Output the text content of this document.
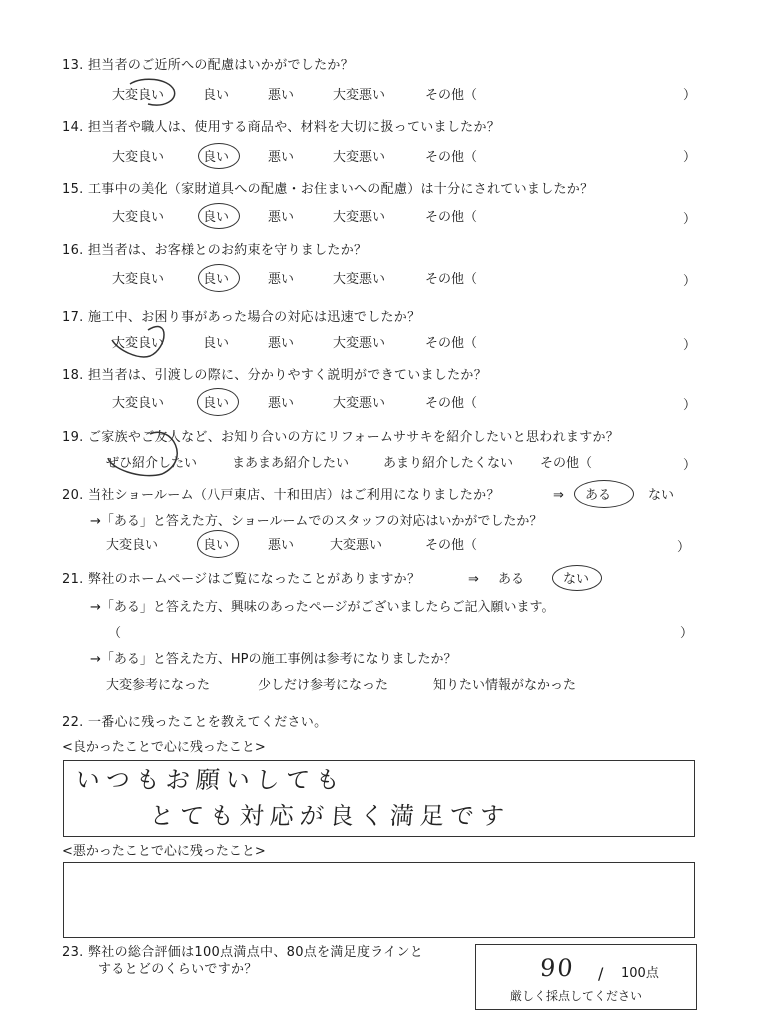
13. 担当者のご近所への配慮はいかがでしたか？
大変良い	良い	悪い	大変悪い	その他（	）
14. 担当者や職人は、使用する商品や、材料を大切に扱っていましたか？
大変良い	良い	悪い	大変悪い	その他（	）
15. 工事中の美化（家財道具への配慮・お住まいへの配慮）は十分にされていましたか？
大変良い	良い	悪い	大変悪い	その他（	）
16. 担当者は、お客様とのお約束を守りましたか？
大変良い	良い	悪い	大変悪い	その他（	）
17. 施工中、お困り事があった場合の対応は迅速でしたか？
大変良い	良い	悪い	大変悪い	その他（	）
18. 担当者は、引渡しの際に、分かりやすく説明ができていましたか？
大変良い	良い	悪い	大変悪い	その他（	）
19. ご家族やご友人など、お知り合いの方にリフォームササキを紹介したいと思われますか？
ぜひ紹介したい	まあまあ紹介したい	あまり紹介したくない その他（	）
20. 当社ショールーム（八戸東店、十和田店）はご利用になりましたか？	⇒ ある	ない
→「ある」と答えた方、ショールームでのスタッフの対応はいかがでしたか？
大変良い	良い	悪い	大変悪い	その他（	）
21. 弊社のホームページはご覧になったことがありますか？	⇒ ある	ない
→「ある」と答えた方、興味のあったページがございましたらご記入願います。
（	）
→「ある」と答えた方、HPの施工事例は参考になりましたか？
大変参考になった	少しだけ参考になった	知りたい情報がなかった
22. 一番心に残ったことを教えてください。
<良かったことで心に残ったこと>
いつもお願いしても
とても対応が良く満足です
<悪かったことで心に残ったこと>
23. 弊社の総合評価は100点満点中、80点を満足度ラインと
するとどのくらいですか？	90 / 100点
厳しく採点してください
